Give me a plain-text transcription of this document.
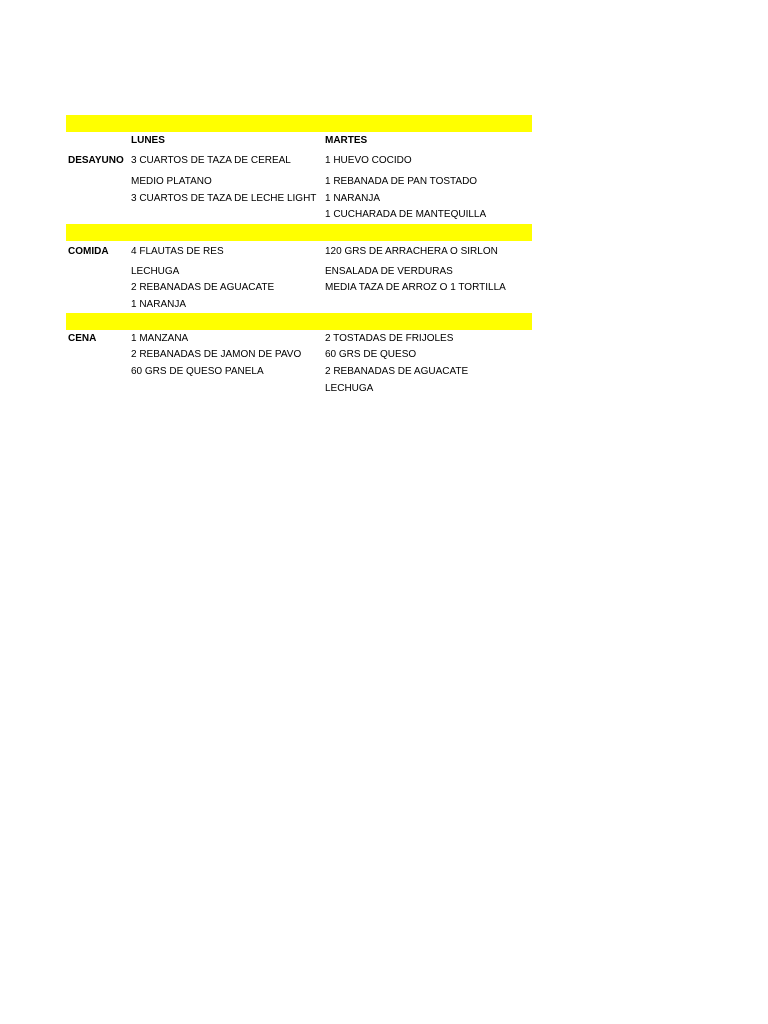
LUNES	MARTES
DESAYUNO 3 CUARTOS DE TAZA DE CEREAL
MEDIO PLATANO
3 CUARTOS DE TAZA DE LECHE LIGHT
1 HUEVO COCIDO
1 REBANADA DE PAN TOSTADO
1 NARANJA
1 CUCHARADA DE MANTEQUILLA
COMIDA 4 FLAUTAS DE RES
LECHUGA
2 REBANADAS DE AGUACATE
1 NARANJA
120 GRS DE ARRACHERA O SIRLON
ENSALADA DE VERDURAS
MEDIA TAZA DE ARROZ O 1 TORTILLA
CENA	1 MANZANA
2 REBANADAS DE JAMON DE PAVO
60 GRS DE QUESO PANELA
2 TOSTADAS DE FRIJOLES
60 GRS DE QUESO
2 REBANADAS DE AGUACATE
LECHUGA
